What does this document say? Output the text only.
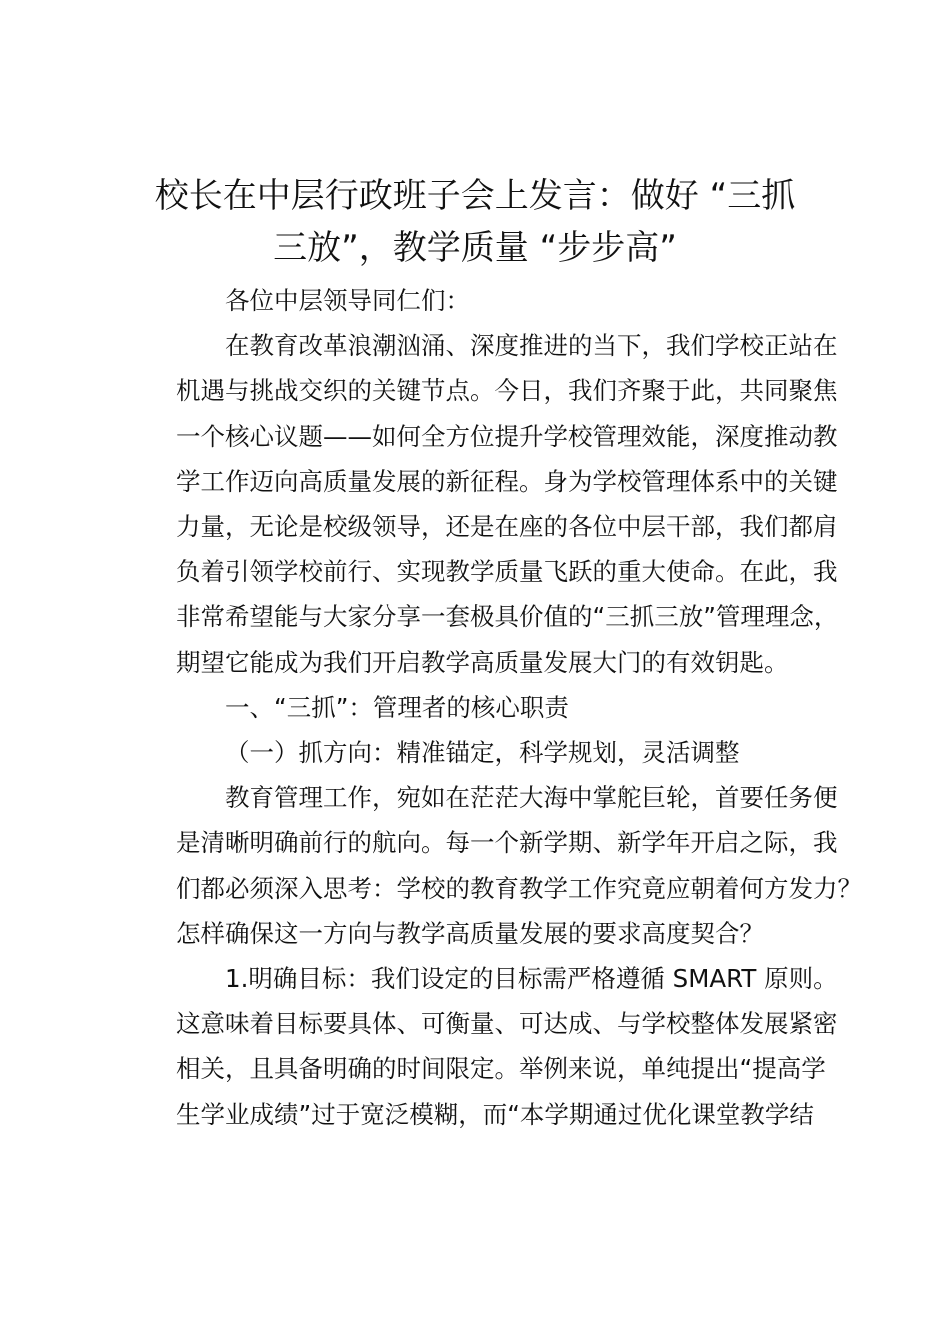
校长在中层行政班子会上发言：做好 “三抓
三放”，教学质量 “步步高”
各位中层领导同仁们：
在教育改革浪潮汹涌、深度推进的当下，我们学校正站在
机遇与挑战交织的关键节点。今日，我们齐聚于此，共同聚焦
一个核心议题——如何全方位提升学校管理效能，深度推动教
学工作迈向高质量发展的新征程。身为学校管理体系中的关键
力量，无论是校级领导，还是在座的各位中层干部，我们都肩
负着引领学校前行、实现教学质量飞跃的重大使命。在此，我
非常希望能与大家分享一套极具价值的“三抓三放”管理理念，
期望它能成为我们开启教学高质量发展大门的有效钥匙。
一、“三抓”：管理者的核心职责
（一）抓方向：精准锚定，科学规划，灵活调整
教育管理工作，宛如在茫茫大海中掌舵巨轮，首要任务便
是清晰明确前行的航向。每一个新学期、新学年开启之际，我
们都必须深入思考：学校的教育教学工作究竟应朝着何方发力？
怎样确保这一方向与教学高质量发展的要求高度契合？
1.明确目标：我们设定的目标需严格遵循 SMART 原则。
这意味着目标要具体、可衡量、可达成、与学校整体发展紧密
相关，且具备明确的时间限定。举例来说，单纯提出“提高学
生学业成绩”过于宽泛模糊，而“本学期通过优化课堂教学结
